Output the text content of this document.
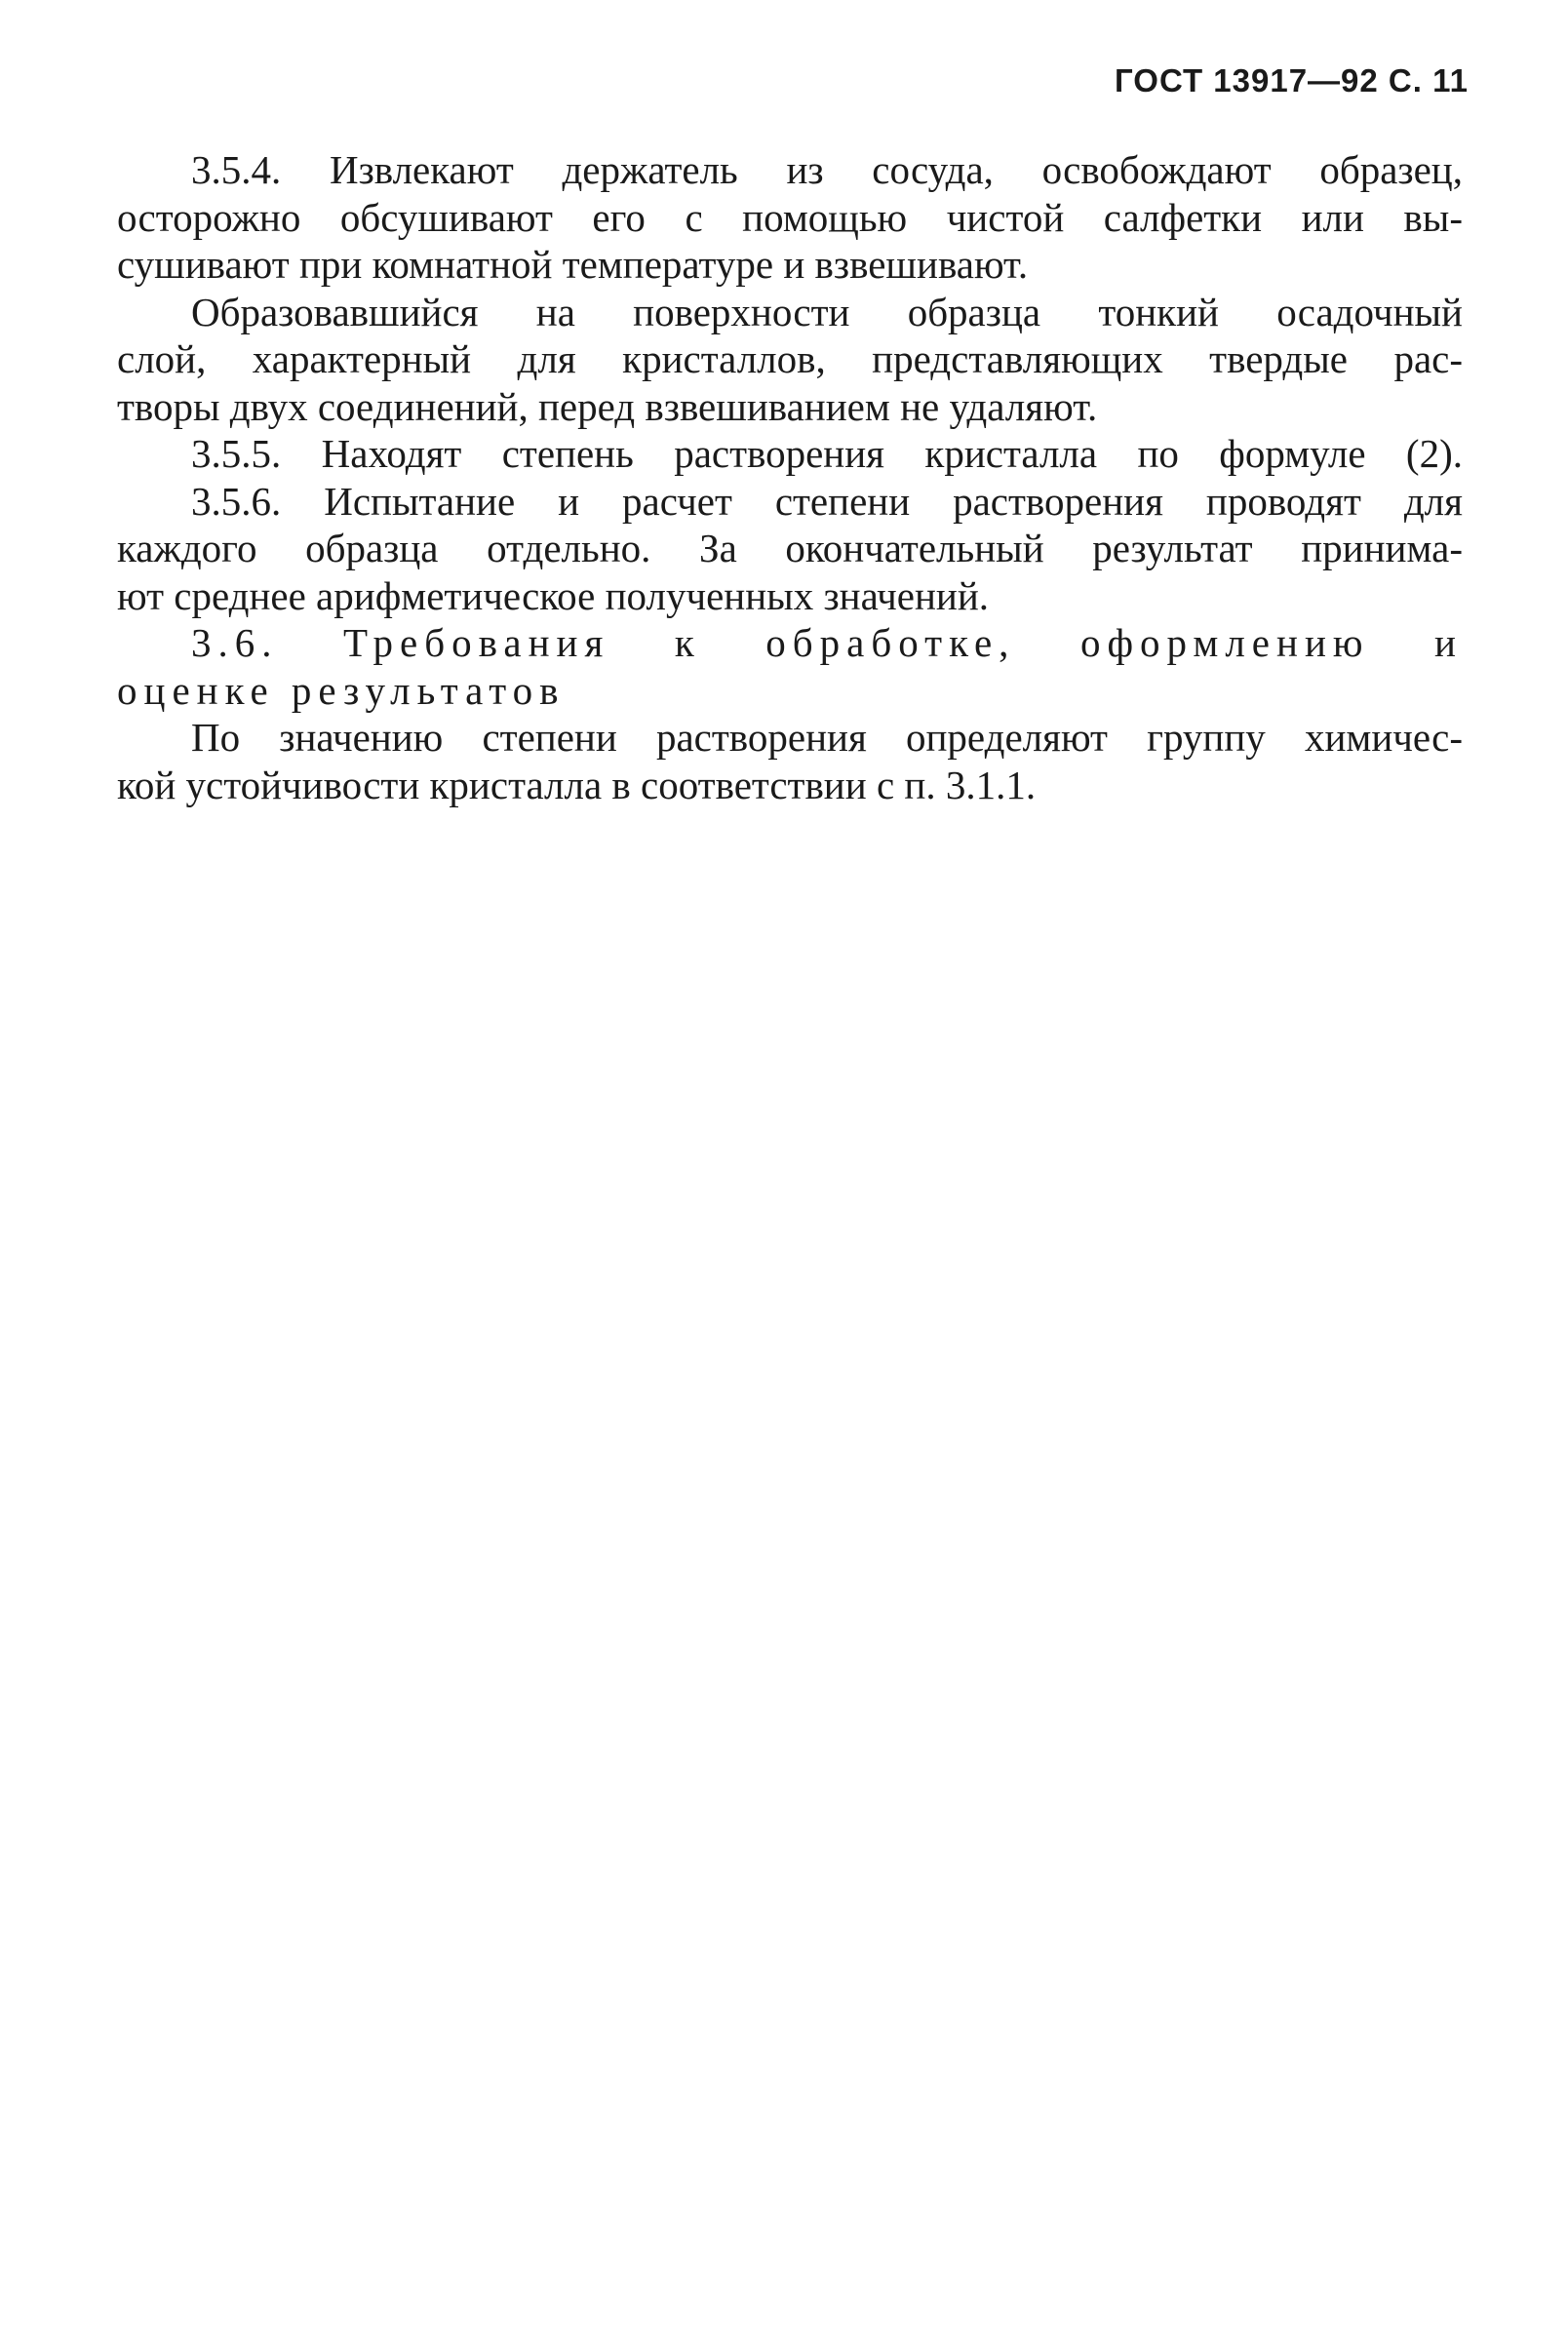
ГОСТ 13917—92 С. 11
3.5.4. Извлекают держатель из сосуда, освобождают образец,
осторожно обсушивают его с помощью чистой салфетки или вы-
сушивают при комнатной температуре и взвешивают.
Образовавшийся на поверхности образца тонкий осадочный
слой, характерный для кристаллов, представляющих твердые рас-
творы двух соединений, перед взвешиванием не удаляют.
3.5.5. Находят степень растворения кристалла по формуле (2).
3.5.6. Испытание и расчет степени растворения проводят для
каждого образца отдельно. За окончательный результат принима-
ют среднее арифметическое полученных значений.
3.6. Требования к обработке, оформлению и
оценке результатов
По значению степени растворения определяют группу химичес-
кой устойчивости кристалла в соответствии с п. 3.1.1.
